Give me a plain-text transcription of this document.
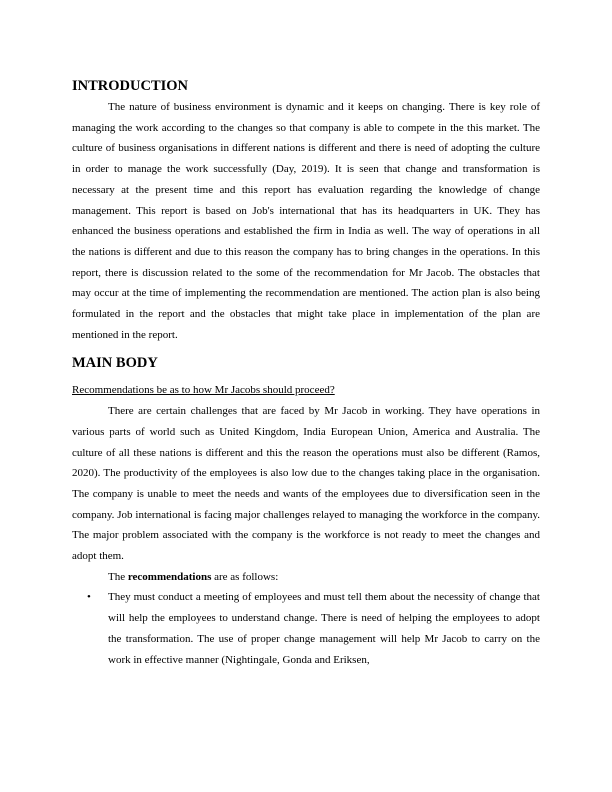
INTRODUCTION

The nature of business environment is dynamic and it keeps on changing. There is key role of managing the work according to the changes so that company is able to compete in the this market. The culture of business organisations in different nations is different and there is need of adopting the culture in order to manage the work successfully (Day, 2019). It is seen that change and transformation is necessary at the present time and this report has evaluation regarding the knowledge of change management. This report is based on Job's international that has its headquarters in UK. They has enhanced the business operations and established the firm in India as well. The way of operations in all the nations is different and due to this reason the company has to bring changes in the operations. In this report, there is discussion related to the some of the recommendation for Mr Jacob. The obstacles that may occur at the time of implementing the recommendation are mentioned. The action plan is also being formulated in the report and the obstacles that might take place in implementation of the plan are mentioned in the report.

MAIN BODY

Recommendations be as to how Mr Jacobs should proceed?

There are certain challenges that are faced by Mr Jacob in working. They have operations in various parts of world such as United Kingdom, India European Union, America and Australia. The culture of all these nations is different and this the reason the operations must also be different (Ramos, 2020). The productivity of the employees is also low due to the changes taking place in the organisation. The company is unable to meet the needs and wants of the employees due to diversification seen in the company. Job international is facing major challenges relayed to managing the workforce in the company. The major problem associated with the company is the workforce is not ready to meet the changes and adopt them.

The recommendations are as follows:

• They must conduct a meeting of employees and must tell them about the necessity of change that will help the employees to understand change. There is need of helping the employees to adopt the transformation. The use of proper change management will help Mr Jacob to carry on the work in effective manner (Nightingale, Gonda and Eriksen,
